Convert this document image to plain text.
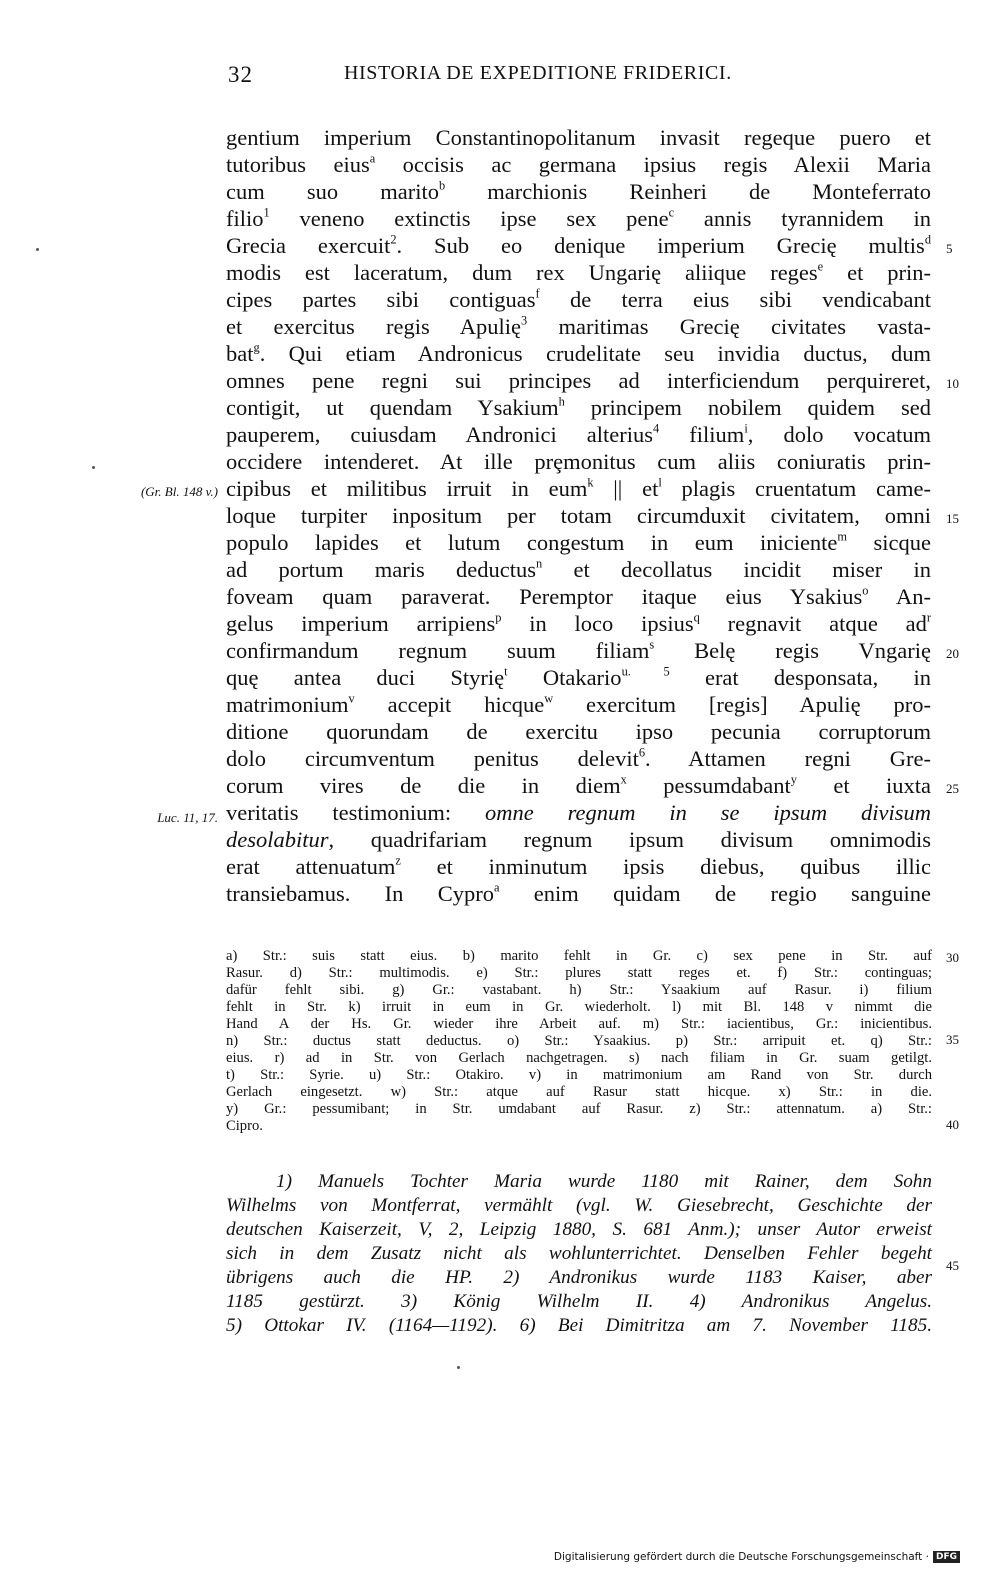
32	HISTORIA DE EXPEDITIONE FRIDERICI.
gentium imperium Constantinopolitanum invasit regeque puero et
tutoribus eius$^a$ occisis ac germana ipsius regis Alexii Maria
cum suo marito$^b$ marchionis Reinheri de Monteferrato
filio$^1$ veneno extinctis ipse sex pene$^c$ annis tyrannidem in
Grecia exercuit$^2$. Sub eo denique imperium Grecię multis$^d$
modis est laceratum, dum rex Ungarię aliique reges$^e$ et prin-
cipes partes sibi contiguas$^f$ de terra eius sibi vendicabant
et exercitus regis Apulię$^3$ maritimas Grecię civitates vasta-
bat$^g$. Qui etiam Andronicus crudelitate seu invidia ductus, dum
omnes pene regni sui principes ad interficiendum perquireret,
contigit, ut quendam Ysakium$^h$ principem nobilem quidem sed
pauperem, cuiusdam Andronici alterius$^4$ filium$^i$, dolo vocatum
occidere intenderet. At ille prȩmonitus cum aliis coniuratis prin-
cipibus et militibus irruit in eum$^k$ || $et^l$ plagis cruentatum came-
loque turpiter inpositum per totam circumduxit civitatem, omni
populo lapides et lutum congestum in eum iniciente$^m$ sicque
ad portum maris deductus$^n$ et decollatus incidit miser in
foveam quam paraverat. Peremptor itaque eius Ysakius$^o$ An-
gelus imperium arripiens$^p$ in loco ipsius$^q$ regnavit atque $ad^r$
confirmandum regnum suum filiam$^s$ Belę regis Vngarię
quę antea duci Styrię$^t$ Otakario$^{u. 5}$ erat desponsata, in
matrimonium$^v$ accepit hicque$^w$ exercitum [regis] Apulię pro-
ditione quorundam de exercitu ipso pecunia corruptorum
dolo circumventum penitus delevit$^6$. Attamen regni Gre-
corum vires de die in diem$^x$ pessumdabant$^y$ et iuxta
veritatis testimonium: omne regnum in se ipsum divisum
desolabitur, quadrifariam regnum ipsum divisum omnimodis
erat attenuatum$^z$ et inminutum ipsis diebus, quibus illic
transiebamus. In Cypro$^a$ enim quidam de regio sanguine
(Gr. Bl. 148 v.)
Luc. 11, 17.
5
10
15
20
25
30
35
40
45
a) Str.: suis statt eius. b) marito fehlt in Gr. c) sex pene in Str. auf
Rasur. d) Str.: multimodis. e) Str.: plures statt reges et. f) Str.: continguas;
dafür fehlt sibi. g) Gr.: vastabant. h) Str.: Ysaakium auf Rasur. i) filium
fehlt in Str. k) irruit in eum in Gr. wiederholt. l) mit Bl. 148 v nimmt die
Hand A der Hs. Gr. wieder ihre Arbeit auf. m) Str.: iacientibus, Gr.: inicientibus.
n) Str.: ductus statt deductus. o) Str.: Ysaakius. p) Str.: arripuit et. q) Str.:
eius. r) ad in Str. von Gerlach nachgetragen. s) nach filiam in Gr. suam getilgt.
t) Str.: Syrie. u) Str.: Otakiro. v) in matrimonium am Rand von Str. durch
Gerlach eingesetzt. w) Str.: atque auf Rasur statt hicque. x) Str.: in die.
y) Gr.: pessumibant; in Str. umdabant auf Rasur. z) Str.: attennatum. a) Str.:
Cipro.
1) Manuels Tochter Maria wurde 1180 mit Rainer, dem Sohn
Wilhelms von Montferrat, vermählt (vgl. W. Giesebrecht, Geschichte der
deutschen Kaiserzeit, V, 2, Leipzig 1880, S. 681 Anm.); unser Autor erweist
sich in dem Zusatz nicht als wohlunterrichtet. Denselben Fehler begeht
übrigens auch die HP. 2) Andronikus wurde 1183 Kaiser, aber
1185 gestürzt. 3) König Wilhelm II. 4) Andronikus Angelus.
5) Ottokar IV. (1164—1192). 6) Bei Dimitritza am 7. November 1185.
Digitalisierung gefördert durch die Deutsche Forschungsgemeinschaft · DFG
